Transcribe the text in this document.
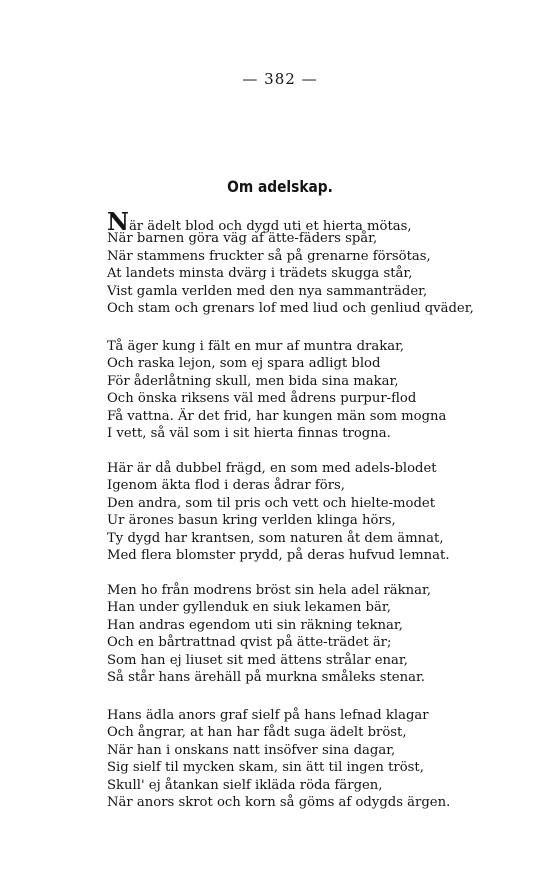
— 382 —
Om adelskap.
När ädelt blod och dygd uti et hierta mötas,
När barnen göra väg af ätte-fäders spår,
När stammens fruckter så på grenarne försötas,
At landets minsta dvärg i trädets skugga står,
Vist gamla verlden med den nya sammanträder,
Och stam och grenars lof med liud och genliud qväder,
Tå äger kung i fält en mur af muntra drakar,
Och raska lejon, som ej spara adligt blod
För åderlåtning skull, men bida sina makar,
Och önska riksens väl med ådrens purpur-flod
Få vattna. Är det frid, har kungen män som mogna
I vett, så väl som i sit hierta finnas trogna.
Här är då dubbel frägd, en som med adels-blodet
Igenom äkta flod i deras ådrar förs,
Den andra, som til pris och vett och hielte-modet
Ur ärones basun kring verlden klinga hörs,
Ty dygd har krantsen, som naturen åt dem ämnat,
Med flera blomster prydd, på deras hufvud lemnat.
Men ho från modrens bröst sin hela adel räknar,
Han under gyllenduk en siuk lekamen bär,
Han andras egendom uti sin räkning teknar,
Och en bårtrattnad qvist på ätte-trädet är;
Som han ej liuset sit med ättens strålar enar,
Så står hans ärehäll på murkna småleks stenar.
Hans ädla anors graf sielf på hans lefnad klagar
Och ångrar, at han har fådt suga ädelt bröst,
När han i onskans natt insöfver sina dagar,
Sig sielf til mycken skam, sin ätt til ingen tröst,
Skull' ej åtankan sielf ikläda röda färgen,
När anors skrot och korn så göms af odygds ärgen.
